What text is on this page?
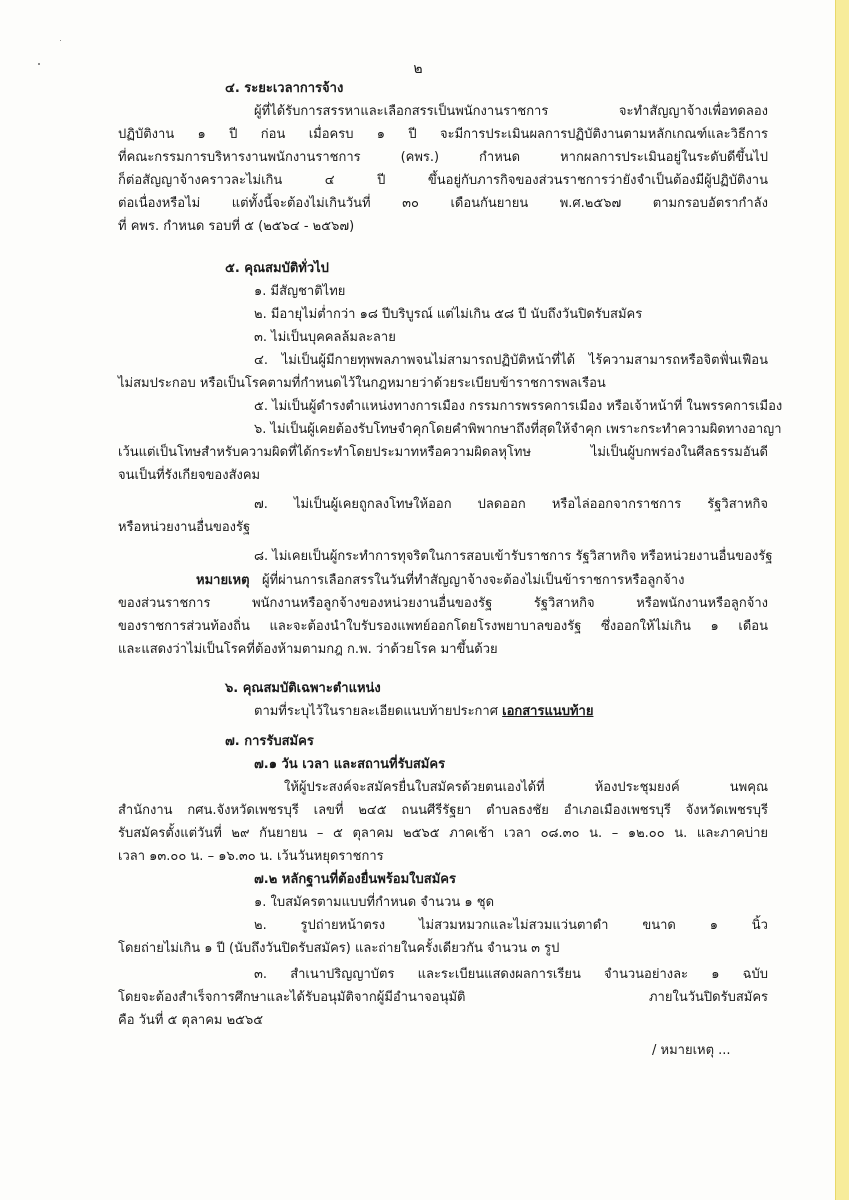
๒
๔. ระยะเวลาการจ้าง
ผู้ที่ได้รับการสรรหาและเลือกสรรเป็นพนักงานราชการ จะทำสัญญาจ้างเพื่อทดลอง
ปฏิบัติงาน ๑ ปี ก่อน เมื่อครบ ๑ ปี จะมีการประเมินผลการปฏิบัติงานตามหลักเกณฑ์และวิธีการ
ที่คณะกรรมการบริหารงานพนักงานราชการ (คพร.) กำหนด หากผลการประเมินอยู่ในระดับดีขึ้นไป
ก็ต่อสัญญาจ้างคราวละไม่เกิน ๔ ปี ขึ้นอยู่กับภารกิจของส่วนราชการว่ายังจำเป็นต้องมีผู้ปฏิบัติงาน
ต่อเนื่องหรือไม่ แต่ทั้งนี้จะต้องไม่เกินวันที่ ๓๐ เดือนกันยายน พ.ศ.๒๕๖๗ ตามกรอบอัตรากำลัง
ที่ คพร. กำหนด รอบที่ ๕ (๒๕๖๔ - ๒๕๖๗)
๕. คุณสมบัติทั่วไป
๑. มีสัญชาติไทย
๒. มีอายุไม่ต่ำกว่า ๑๘ ปีบริบูรณ์ แต่ไม่เกิน ๕๘ ปี นับถึงวันปิดรับสมัคร
๓. ไม่เป็นบุคคลล้มละลาย
๔. ไม่เป็นผู้มีกายทุพพลภาพจนไม่สามารถปฏิบัติหน้าที่ได้ ไร้ความสามารถหรือจิตฟั่นเฟือน
ไม่สมประกอบ หรือเป็นโรคตามที่กำหนดไว้ในกฎหมายว่าด้วยระเบียบข้าราชการพลเรือน
๕. ไม่เป็นผู้ดำรงตำแหน่งทางการเมือง กรรมการพรรคการเมือง หรือเจ้าหน้าที่ ในพรรคการเมือง
๖. ไม่เป็นผู้เคยต้องรับโทษจำคุกโดยคำพิพากษาถึงที่สุดให้จำคุก เพราะกระทำความผิดทางอาญา
เว้นแต่เป็นโทษสำหรับความผิดที่ได้กระทำโดยประมาทหรือความผิดลหุโทษ ไม่เป็นผู้บกพร่องในศีลธรรมอันดี
จนเป็นที่รังเกียจของสังคม
๗. ไม่เป็นผู้เคยถูกลงโทษให้ออก ปลดออก หรือไล่ออกจากราชการ รัฐวิสาหกิจ
หรือหน่วยงานอื่นของรัฐ
๘. ไม่เคยเป็นผู้กระทำการทุจริตในการสอบเข้ารับราชการ รัฐวิสาหกิจ หรือหน่วยงานอื่นของรัฐ
หมายเหตุ ผู้ที่ผ่านการเลือกสรรในวันที่ทำสัญญาจ้างจะต้องไม่เป็นข้าราชการหรือลูกจ้าง
ของส่วนราชการ พนักงานหรือลูกจ้างของหน่วยงานอื่นของรัฐ รัฐวิสาหกิจ หรือพนักงานหรือลูกจ้าง
ของราชการส่วนท้องถิ่น และจะต้องนำใบรับรองแพทย์ออกโดยโรงพยาบาลของรัฐ ซึ่งออกให้ไม่เกิน ๑ เดือน
และแสดงว่าไม่เป็นโรคที่ต้องห้ามตามกฎ ก.พ. ว่าด้วยโรค มาขึ้นด้วย
๖. คุณสมบัติเฉพาะตำแหน่ง
ตามที่ระบุไว้ในรายละเอียดแนบท้ายประกาศ เอกสารแนบท้าย
๗. การรับสมัคร
๗.๑ วัน เวลา และสถานที่รับสมัคร
ให้ผู้ประสงค์จะสมัครยื่นใบสมัครด้วยตนเองได้ที่ ห้องประชุมยงค์ นพคุณ
สำนักงาน กศน.จังหวัดเพชรบุรี เลขที่ ๒๔๕ ถนนศีรีรัฐยา ตำบลธงชัย อำเภอเมืองเพชรบุรี จังหวัดเพชรบุรี
รับสมัครตั้งแต่วันที่ ๒๙ กันยายน – ๕ ตุลาคม ๒๕๖๕ ภาคเช้า เวลา ๐๘.๓๐ น. – ๑๒.๐๐ น. และภาคบ่าย
เวลา ๑๓.๐๐ น. – ๑๖.๓๐ น. เว้นวันหยุดราชการ
๗.๒ หลักฐานที่ต้องยื่นพร้อมใบสมัคร
๑. ใบสมัครตามแบบที่กำหนด จำนวน ๑ ชุด
๒. รูปถ่ายหน้าตรง ไม่สวมหมวกและไม่สวมแว่นตาดำ ขนาด ๑ นิ้ว
โดยถ่ายไม่เกิน ๑ ปี (นับถึงวันปิดรับสมัคร) และถ่ายในครั้งเดียวกัน จำนวน ๓ รูป
๓. สำเนาปริญญาบัตร และระเบียนแสดงผลการเรียน จำนวนอย่างละ ๑ ฉบับ
โดยจะต้องสำเร็จการศึกษาและได้รับอนุมัติจากผู้มีอำนาจอนุมัติ ภายในวันปิดรับสมัคร
คือ วันที่ ๕ ตุลาคม ๒๕๖๕
/ หมายเหตุ ...
